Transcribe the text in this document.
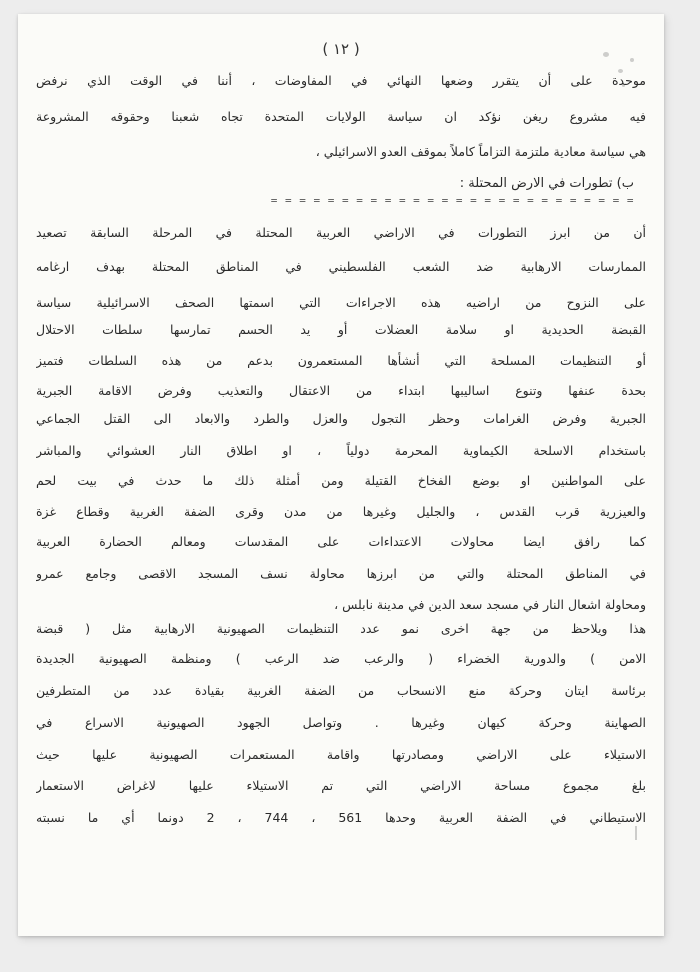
( ١٢ )
موحدة على أن يتقرر وضعها النهائي في المفاوضات ، أننا في الوقت الذي نرفض
فيه مشروع ريغن نؤكد ان سياسة الولايات المتحدة تجاه شعبنا وحقوقه المشروعة
هي سياسة معادية ملتزمة التزاماً كاملاً بموقف العدو الاسرائيلي ،
ب) تطورات في الارض المحتلة :
= = = = = = = = = = = = = = = = = = = = = = = = = =
أن من ابرز التطورات في الاراضي العربية المحتلة في المرحلة السابقة تصعيد
الممارسات الارهابية ضد الشعب الفلسطيني في المناطق المحتلة بهدف ارغامه
على النزوح من اراضيه هذه الاجراءات التي اسمتها الصحف الاسرائيلية سياسة
القبضة الحديدية او سلامة العضلات أو يد الحسم تمارسها سلطات الاحتلال
أو التنظيمات المسلحة التي أنشأها المستعمرون بدعم من هذه السلطات فتميز
بحدة عنفها وتنوع اساليبها ابتداء من الاعتقال والتعذيب وفرض الاقامة الجبرية
الجبرية وفرض الغرامات وحظر التجول والعزل والطرد والابعاد الى القتل الجماعي
باستخدام الاسلحة الكيماوية المحرمة دولياً ، او اطلاق النار العشوائي والمباشر
على المواطنين او بوضع الفخاخ القتيلة ومن أمثلة ذلك ما حدث في بيت لحم
والعيزرية قرب القدس ، والجليل وغيرها من مدن وقرى الضفة الغربية وقطاع غزة
كما رافق ايضا محاولات الاعتداءات على المقدسات ومعالم الحضارة العربية
في المناطق المحتلة والتي من ابرزها محاولة نسف المسجد الاقصى وجامع عمرو
ومحاولة اشعال النار في مسجد سعد الدين في مدينة نابلس ،
هذا ويلاحظ من جهة اخرى نمو عدد التنظيمات الصهيونية الارهابية مثل ( قبضة
الامن ) والدورية الخضراء ( والرعب ضد الرعب ) ومنظمة الصهيونية الجديدة
برئاسة ايتان وحركة منع الانسحاب من الضفة الغربية بقيادة عدد من المتطرفين
الصهاينة وحركة كيهان وغيرها . وتواصل الجهود الصهيونية الاسراع في
الاستيلاء على الاراضي ومصادرتها واقامة المستعمرات الصهيونية عليها حيث
بلغ مجموع مساحة الاراضي التي تم الاستيلاء عليها لاغراض الاستعمار
الاستيطاني في الضفة العربية وحدها 561 ، 744 ، 2 دونما أي ما نسبته
